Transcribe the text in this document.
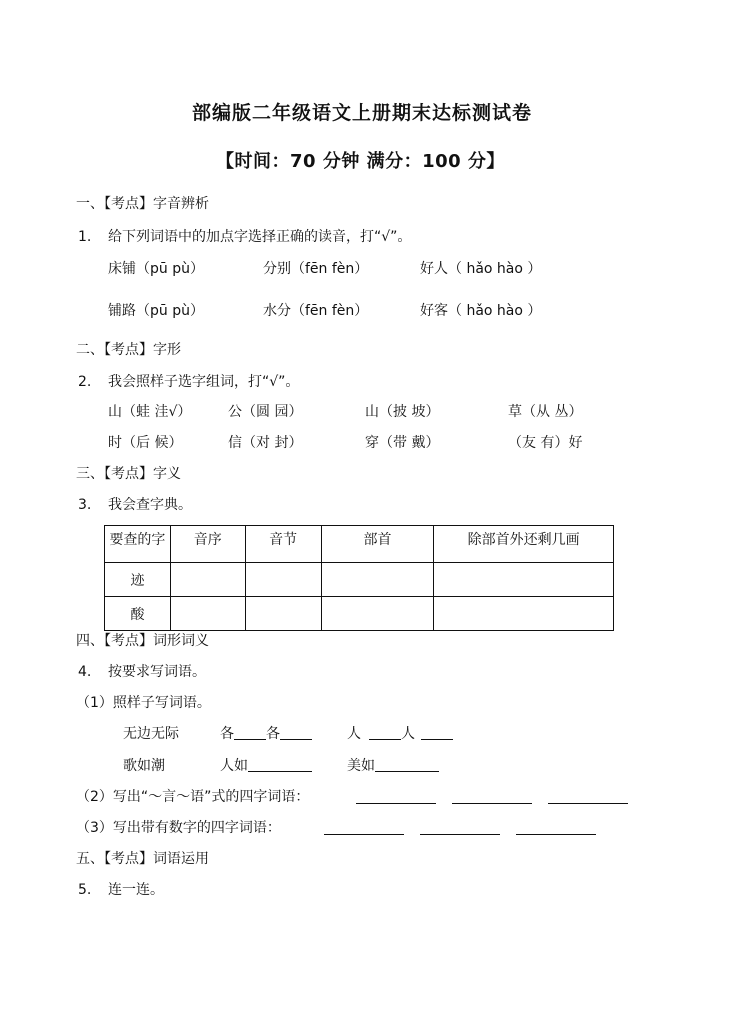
部编版二年级语文上册期末达标测试卷
【时间：70 分钟 满分：100 分】
一、【考点】字音辨析
1. 给下列词语中的加点字选择正确的读音，打“√”。
床铺（pū pù）	分别（fēn fèn）	好人（ hǎo hào ）
铺路（pū pù）	水分（fēn fèn）	好客（ hǎo hào ）
二、【考点】字形
2. 我会照样子选字组词，打“√”。
山（蛙 洼√）	公（圆 园）	山（披 坡）	草（从 丛）
时（后 候）	信（对 封）	穿（带 戴）	（友 有）好
三、【考点】字义
3. 我会查字典。
要查的字	音序	音节	部首	除部首外还剩几画
迹				
酸				
四、【考点】词形词义
4. 按要求写词语。
（1）照样子写词语。
无边无际	各 各	人	人
歌如潮	人如	美如
（2）写出“～言～语”式的四字词语：
（3）写出带有数字的四字词语：
五、【考点】词语运用
5. 连一连。
